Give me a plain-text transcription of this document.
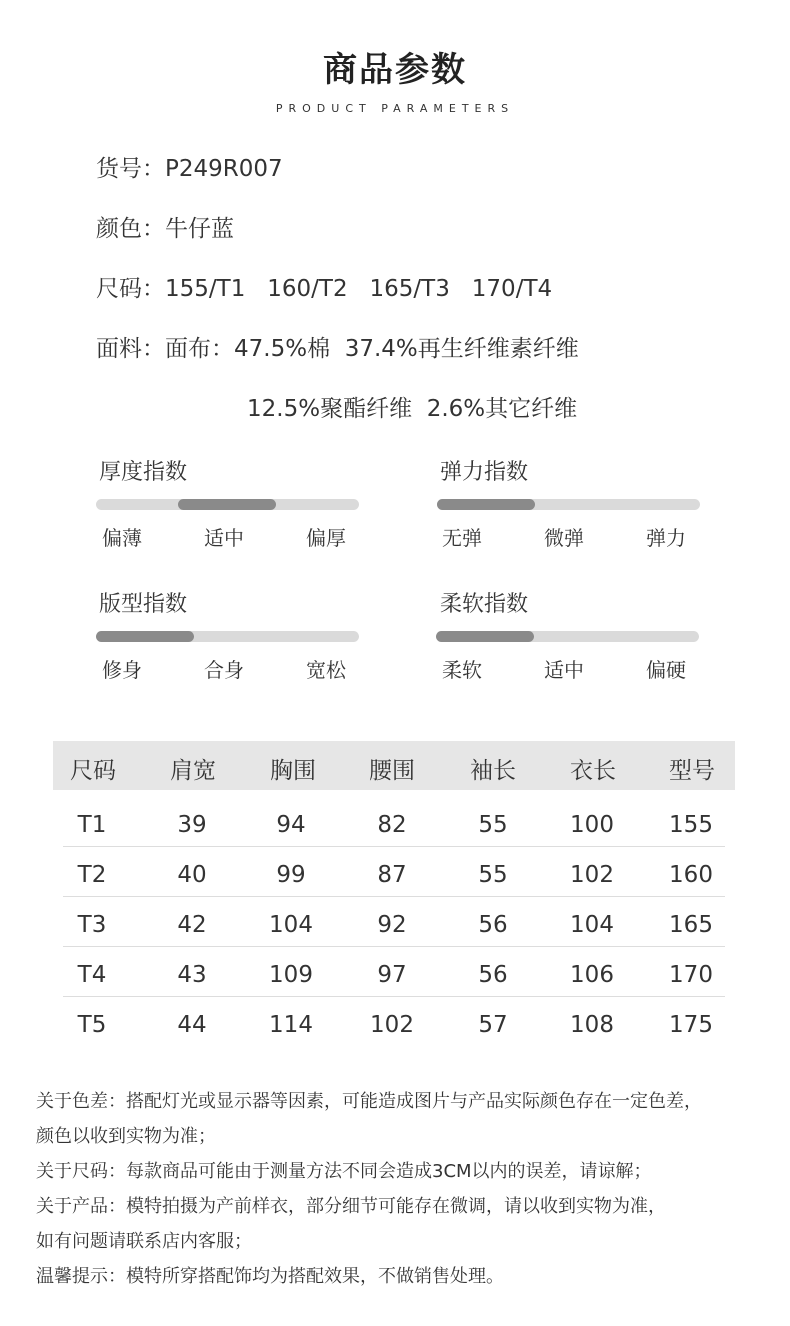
商品参数
PRODUCT PARAMETERS
货号：P249R007
颜色：牛仔蓝
尺码：155/T1   160/T2   165/T3   170/T4
面料：面布：47.5%棉  37.4%再生纤维素纤维
12.5%聚酯纤维  2.6%其它纤维
厚度指数
偏薄	适中	偏厚
弹力指数
无弹	微弹	弹力
版型指数
修身	合身	宽松
柔软指数
柔软	适中	偏硬
尺码	肩宽	胸围	腰围	袖长	衣长	型号
T1	39	94	82	55	100	155
T2	40	99	87	55	102	160
T3	42	104	92	56	104	165
T4	43	109	97	56	106	170
T5	44	114	102	57	108	175
关于色差：搭配灯光或显示器等因素，可能造成图片与产品实际颜色存在一定色差，
颜色以收到实物为准；
关于尺码：每款商品可能由于测量方法不同会造成3CM以内的误差，请谅解；
关于产品：模特拍摄为产前样衣，部分细节可能存在微调，请以收到实物为准，
如有问题请联系店内客服；
温馨提示：模特所穿搭配饰均为搭配效果，不做销售处理。
